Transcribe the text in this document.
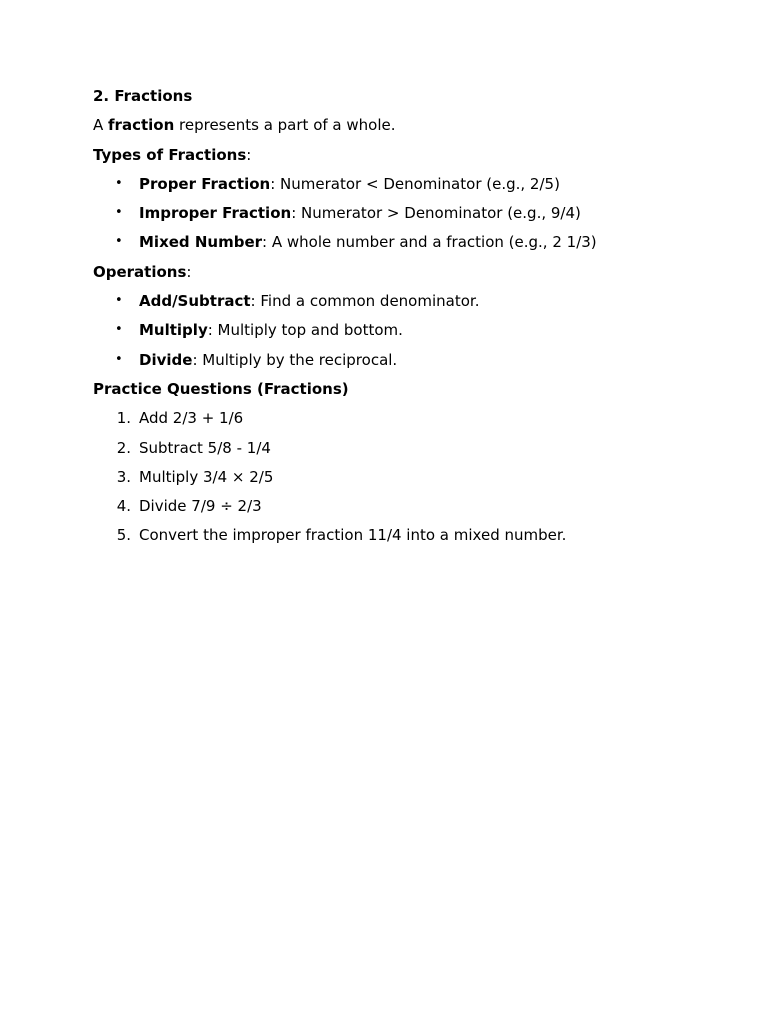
2. Fractions
A fraction represents a part of a whole.
Types of Fractions:
• Proper Fraction: Numerator < Denominator (e.g., 2/5)
• Improper Fraction: Numerator > Denominator (e.g., 9/4)
• Mixed Number: A whole number and a fraction (e.g., 2 1/3)
Operations:
• Add/Subtract: Find a common denominator.
• Multiply: Multiply top and bottom.
• Divide: Multiply by the reciprocal.
Practice Questions (Fractions)
1. Add 2/3 + 1/6
2. Subtract 5/8 - 1/4
3. Multiply 3/4 × 2/5
4. Divide 7/9 ÷ 2/3
5. Convert the improper fraction 11/4 into a mixed number.
